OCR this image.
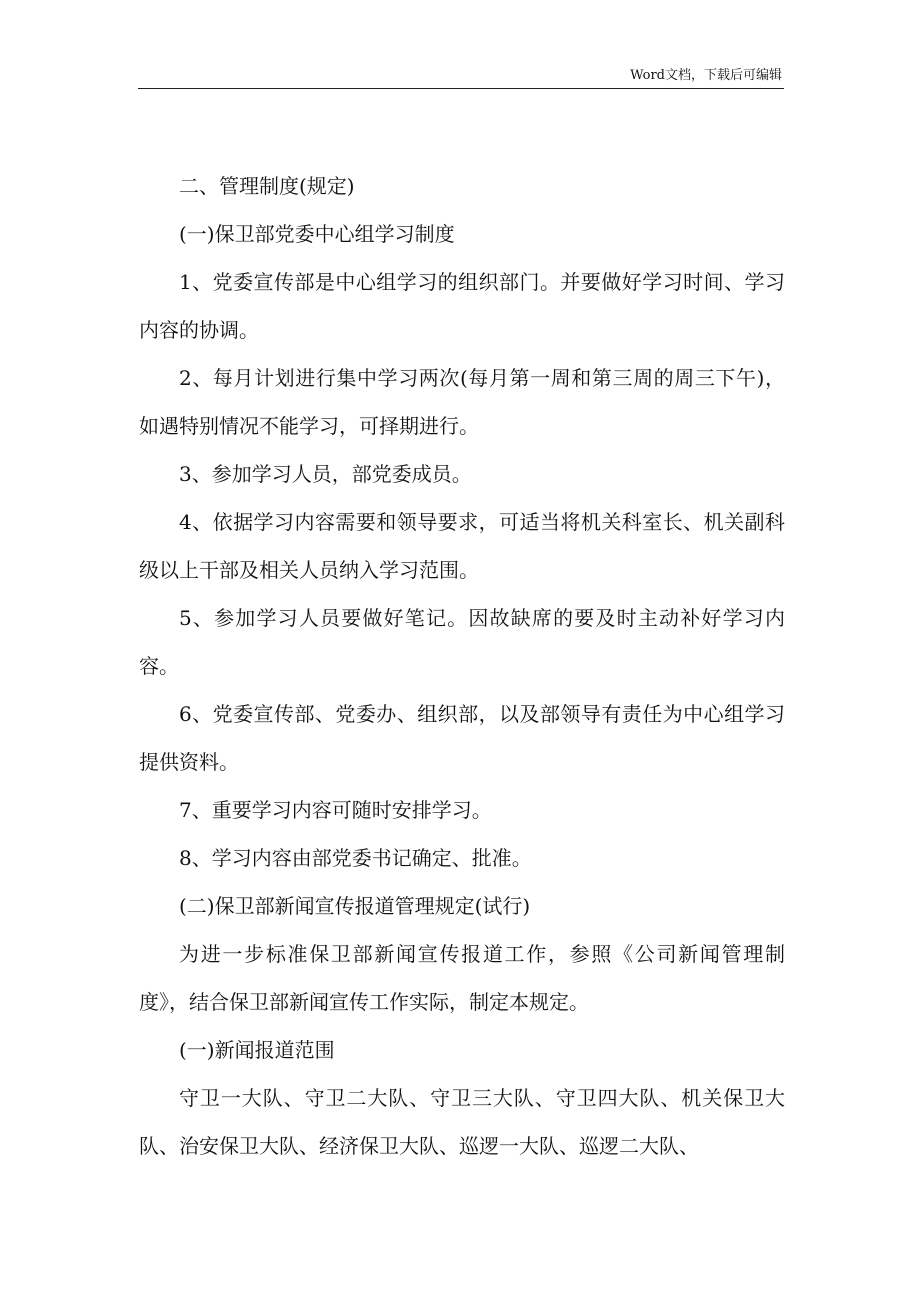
Word文档，下载后可编辑

二、管理制度(规定)

(一)保卫部党委中心组学习制度

1、党委宣传部是中心组学习的组织部门。并要做好学习时间、学习内容的协调。

2、每月计划进行集中学习两次(每月第一周和第三周的周三下午)，如遇特别情况不能学习，可择期进行。

3、参加学习人员，部党委成员。

4、依据学习内容需要和领导要求，可适当将机关科室长、机关副科级以上干部及相关人员纳入学习范围。

5、参加学习人员要做好笔记。因故缺席的要及时主动补好学习内容。

6、党委宣传部、党委办、组织部，以及部领导有责任为中心组学习提供资料。

7、重要学习内容可随时安排学习。

8、学习内容由部党委书记确定、批准。

(二)保卫部新闻宣传报道管理规定(试行)

为进一步标准保卫部新闻宣传报道工作，参照《公司新闻管理制度》，结合保卫部新闻宣传工作实际，制定本规定。

(一)新闻报道范围

守卫一大队、守卫二大队、守卫三大队、守卫四大队、机关保卫大队、治安保卫大队、经济保卫大队、巡逻一大队、巡逻二大队、
